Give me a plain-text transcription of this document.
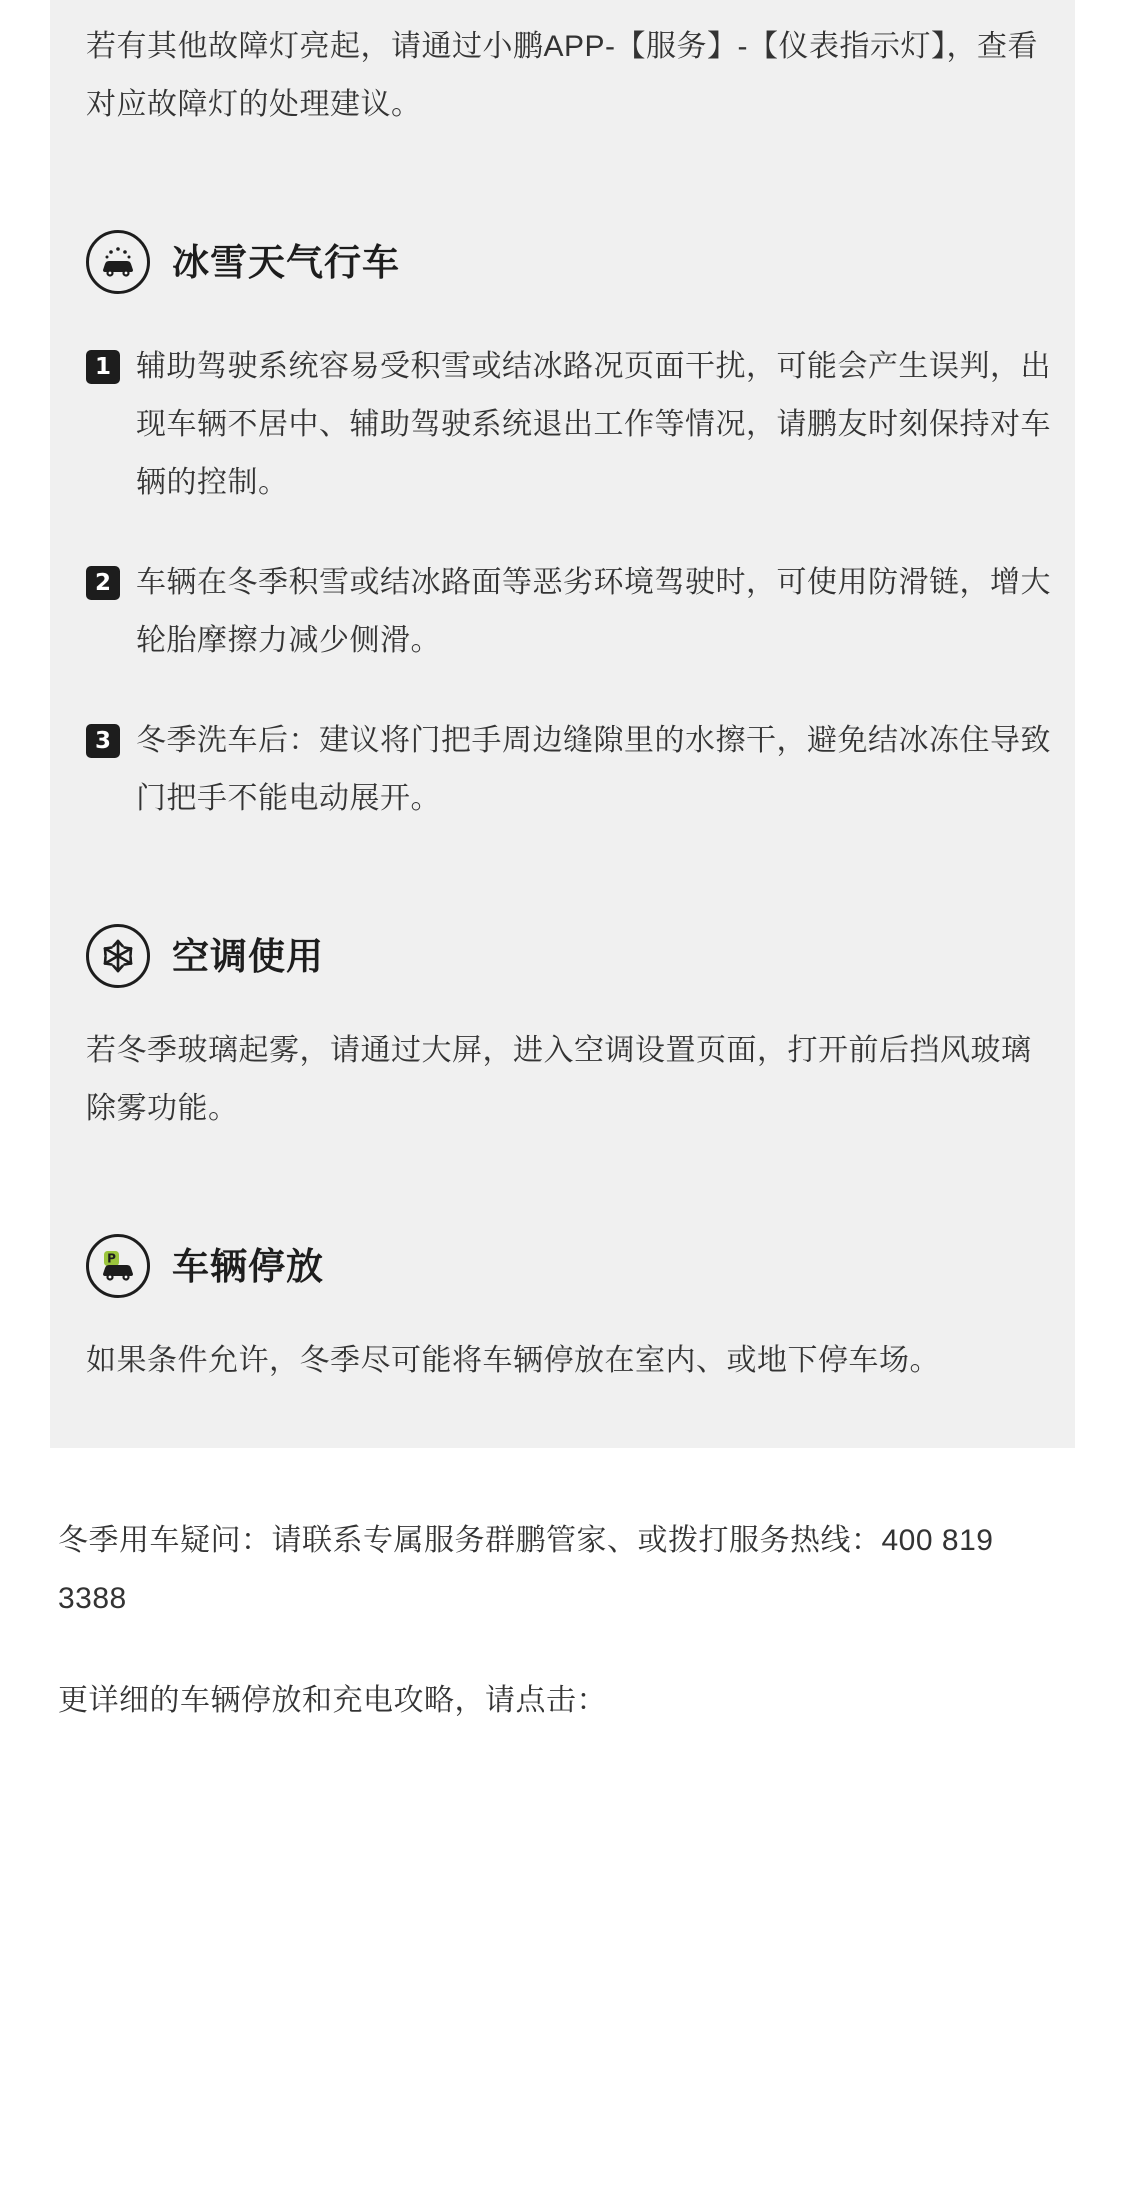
若有其他故障灯亮起，请通过小鹏APP-【服务】-【仪表指示灯】，查看对应故障灯的处理建议。

冰雪天气行车
1 辅助驾驶系统容易受积雪或结冰路况页面干扰，可能会产生误判，出现车辆不居中、辅助驾驶系统退出工作等情况，请鹏友时刻保持对车辆的控制。
2 车辆在冬季积雪或结冰路面等恶劣环境驾驶时，可使用防滑链，增大轮胎摩擦力减少侧滑。
3 冬季洗车后：建议将门把手周边缝隙里的水擦干，避免结冰冻住导致门把手不能电动展开。
空调使用

若冬季玻璃起雾，请通过大屏，进入空调设置页面，打开前后挡风玻璃除雾功能。

P 车辆停放

如果条件允许，冬季尽可能将车辆停放在室内、或地下停车场。

冬季用车疑问：请联系专属服务群鹏管家、或拨打服务热线：400 819 3388

更详细的车辆停放和充电攻略，请点击：
